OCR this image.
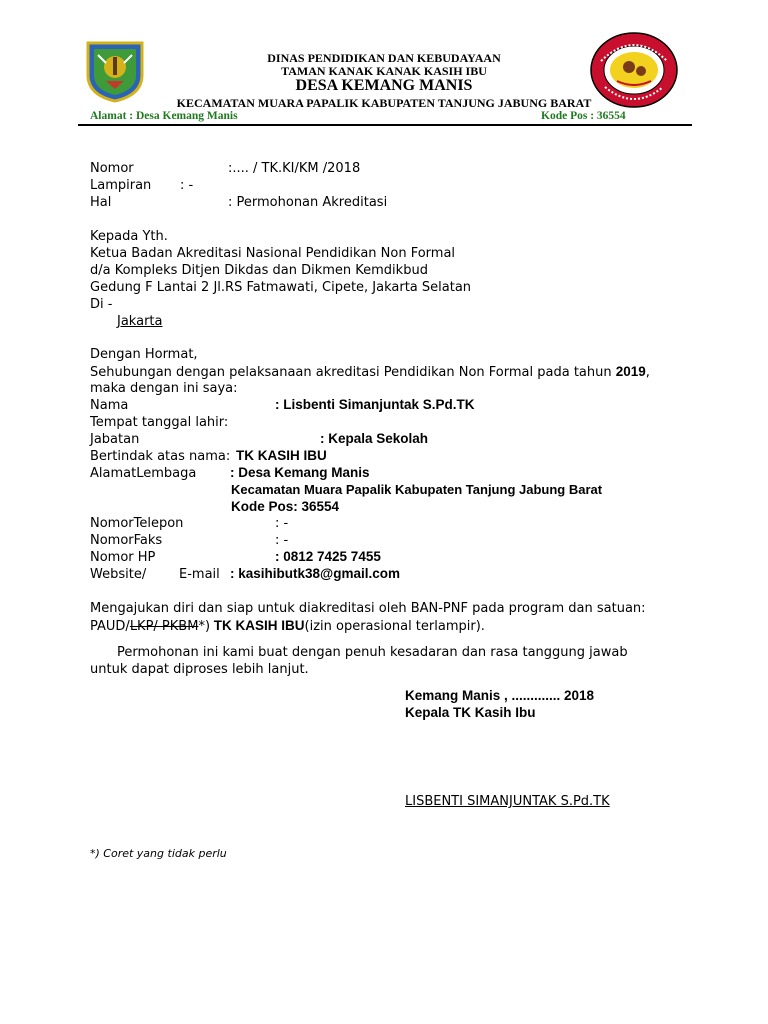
DINAS PENDIDIKAN DAN KEBUDAYAAN
TAMAN KANAK KANAK KASIH IBU
DESA KEMANG MANIS
KECAMATAN MUARA PAPALIK KABUPATEN TANJUNG JABUNG BARAT
Alamat : Desa Kemang Manis	Kode Pos : 36554
Nomor	:.... / TK.KI/KM /2018
Lampiran : -
Hal	: Permohonan Akreditasi
Kepada Yth.
Ketua Badan Akreditasi Nasional Pendidikan Non Formal
d/a Kompleks Ditjen Dikdas dan Dikmen Kemdikbud
Gedung F Lantai 2 Jl.RS Fatmawati, Cipete, Jakarta Selatan
Di -
Jakarta
Dengan Hormat,
Sehubungan dengan pelaksanaan akreditasi Pendidikan Non Formal pada tahun 2019,
maka dengan ini saya:
Nama	: Lisbenti Simanjuntak S.Pd.TK
Tempat tanggal lahir:
Jabatan	: Kepala Sekolah
Bertindak atas nama: TK KASIH IBU
AlamatLembaga : Desa Kemang Manis
Kecamatan Muara Papalik Kabupaten Tanjung Jabung Barat
Kode Pos: 36554
NomorTelepon	: -
NomorFaks	: -
Nomor HP	: 0812 7425 7455
Website/	E-mail : kasihibutk38@gmail.com
Mengajukan diri dan siap untuk diakreditasi oleh BAN-PNF pada program dan satuan:
PAUD/LKP/ PKBM*) TK KASIH IBU(izin operasional terlampir).
Permohonan ini kami buat dengan penuh kesadaran dan rasa tanggung jawab
untuk dapat diproses lebih lanjut.
Kemang Manis , ............. 2018
Kepala TK Kasih Ibu
LISBENTI SIMANJUNTAK S.Pd.TK
*) Coret yang tidak perlu
